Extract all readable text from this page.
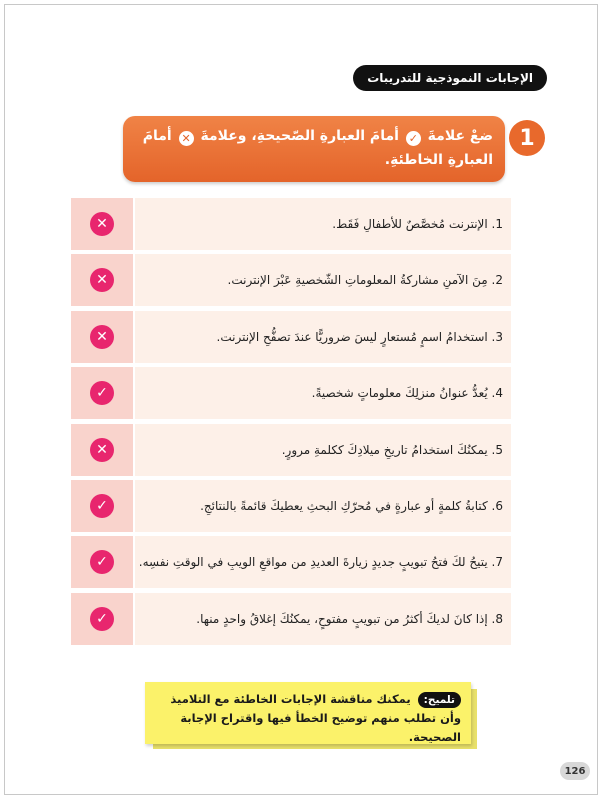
الإجابات النموذجية للتدريبات
1
ضعْ علامةَ ✓ أمامَ العبارةِ الصّحيحةِ، وعلامةَ ✕ أمامَ العبارةِ الخاطئةِ.
✕	1. الإنترنت مُخصَّصٌ للأطفالِ فَقَط.
✕	2. مِنَ الآمنِ مشاركةُ المعلوماتِ الشّخصيةِ عَبْرَ الإنترنت.
✕	3. استخدامُ اسمٍ مُستعارٍ ليسَ ضروريًّا عندَ تصفُّحِ الإنترنت.
✓	4. يُعدُّ عنوانُ منزلِكَ معلوماتٍ شخصيةً.
✕	5. يمكنُكَ استخدامُ تاريخِ ميلادِكَ ككلمةِ مرورٍ.
✓	6. كتابةُ كلمةٍ أو عبارةٍ في مُحرّكِ البحثِ يعطيكَ قائمةً بالنتائجِ.
✓	7. يتيحُ لكَ فتحُ تبويبٍ جديدٍ زيارةَ العديدِ من مواقعِ الويبِ في الوقتِ نفسِه.
✓	8. إذا كانَ لديكَ أكثرُ من تبويبٍ مفتوحٍ، يمكنُكَ إغلاقُ واحدٍ منها.
تلميح: يمكنك مناقشة الإجابات الخاطئة مع التلاميذ وأن تطلب منهم توضيح الخطأ فيها واقتراح الإجابة الصحيحة.
126
